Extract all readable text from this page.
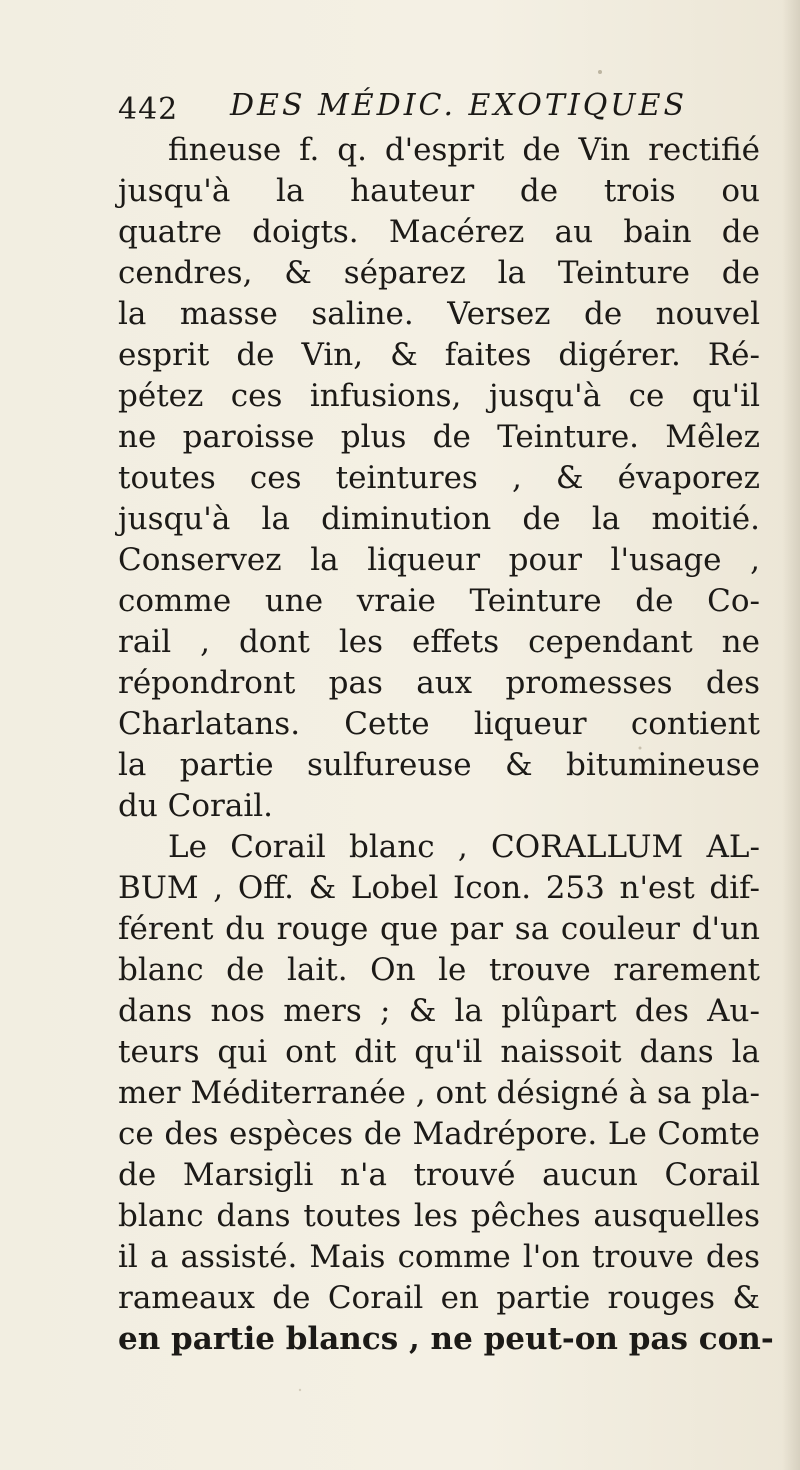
442 DES MÉDIC. EXOTIQUES
fineuse f. q. d'esprit de Vin rectifié
jusqu'à la hauteur de trois ou
quatre doigts. Macérez au bain de
cendres, & séparez la Teinture de
la masse saline. Versez de nouvel
esprit de Vin, & faites digérer. Ré-
pétez ces infusions, jusqu'à ce qu'il
ne paroisse plus de Teinture. Mêlez
toutes ces teintures , & évaporez
jusqu'à la diminution de la moitié.
Conservez la liqueur pour l'usage ,
comme une vraie Teinture de Co-
rail , dont les effets cependant ne
répondront pas aux promesses des
Charlatans. Cette liqueur contient
la partie sulfureuse & bitumineuse
du Corail.
Le Corail blanc , CORALLUM AL-
BUM , Off. & Lobel Icon. 253 n'est dif-
férent du rouge que par sa couleur d'un
blanc de lait. On le trouve rarement
dans nos mers ; & la plûpart des Au-
teurs qui ont dit qu'il naissoit dans la
mer Méditerranée , ont désigné à sa pla-
ce des espèces de Madrépore. Le Comte
de Marsigli n'a trouvé aucun Corail
blanc dans toutes les pêches ausquelles
il a assisté. Mais comme l'on trouve des
rameaux de Corail en partie rouges &
en partie blancs , ne peut-on pas con-
